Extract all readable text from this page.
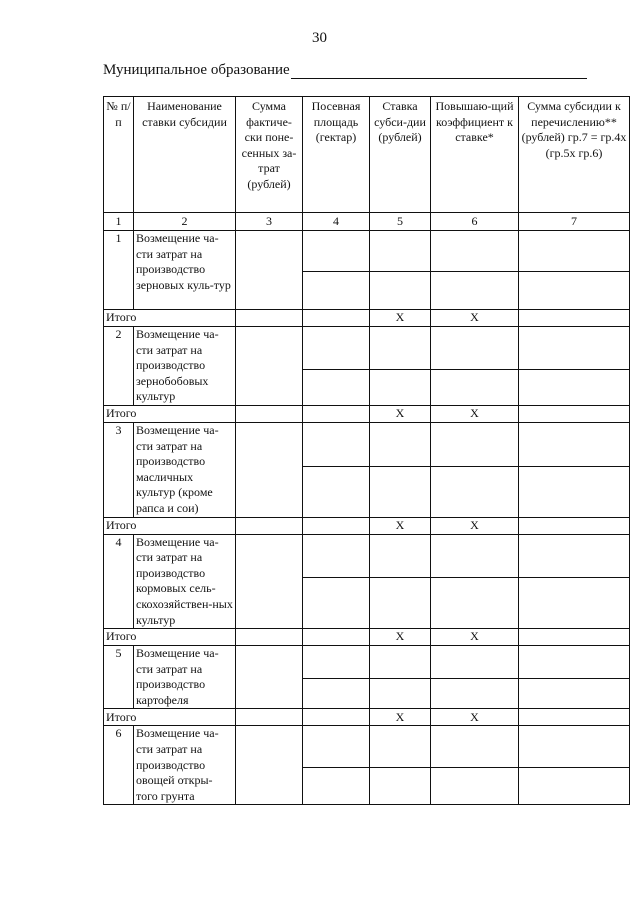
30
Муниципальное образование
№ п/п	Наименование ставки субсидии	Сумма фактиче-ски поне-сенных за-трат (рублей)	Посевная площадь (гектар)	Ставка субси-дии (рублей)	Повышаю-щий коэффициент к ставке*	Сумма субсидии к перечислению** (рублей) гр.7 = гр.4х (гр.5х гр.6)
1	2	3	4	5	6	7
1	Возмещение ча-сти затрат на производство зерновых куль-тур					

Итого				Х	Х	
2	Возмещение ча-сти затрат на производство зернобобовых культур					

Итого				Х	Х	
3	Возмещение ча-сти затрат на производство масличных культур (кроме рапса и сои)					

Итого				Х	Х	
4	Возмещение ча-сти затрат на производство кормовых сель-скохозяйствен-ных культур					

Итого				Х	Х	
5	Возмещение ча-сти затрат на производство картофеля					

Итого				Х	Х	
6	Возмещение ча-сти затрат на производство овощей откры-того грунта					
